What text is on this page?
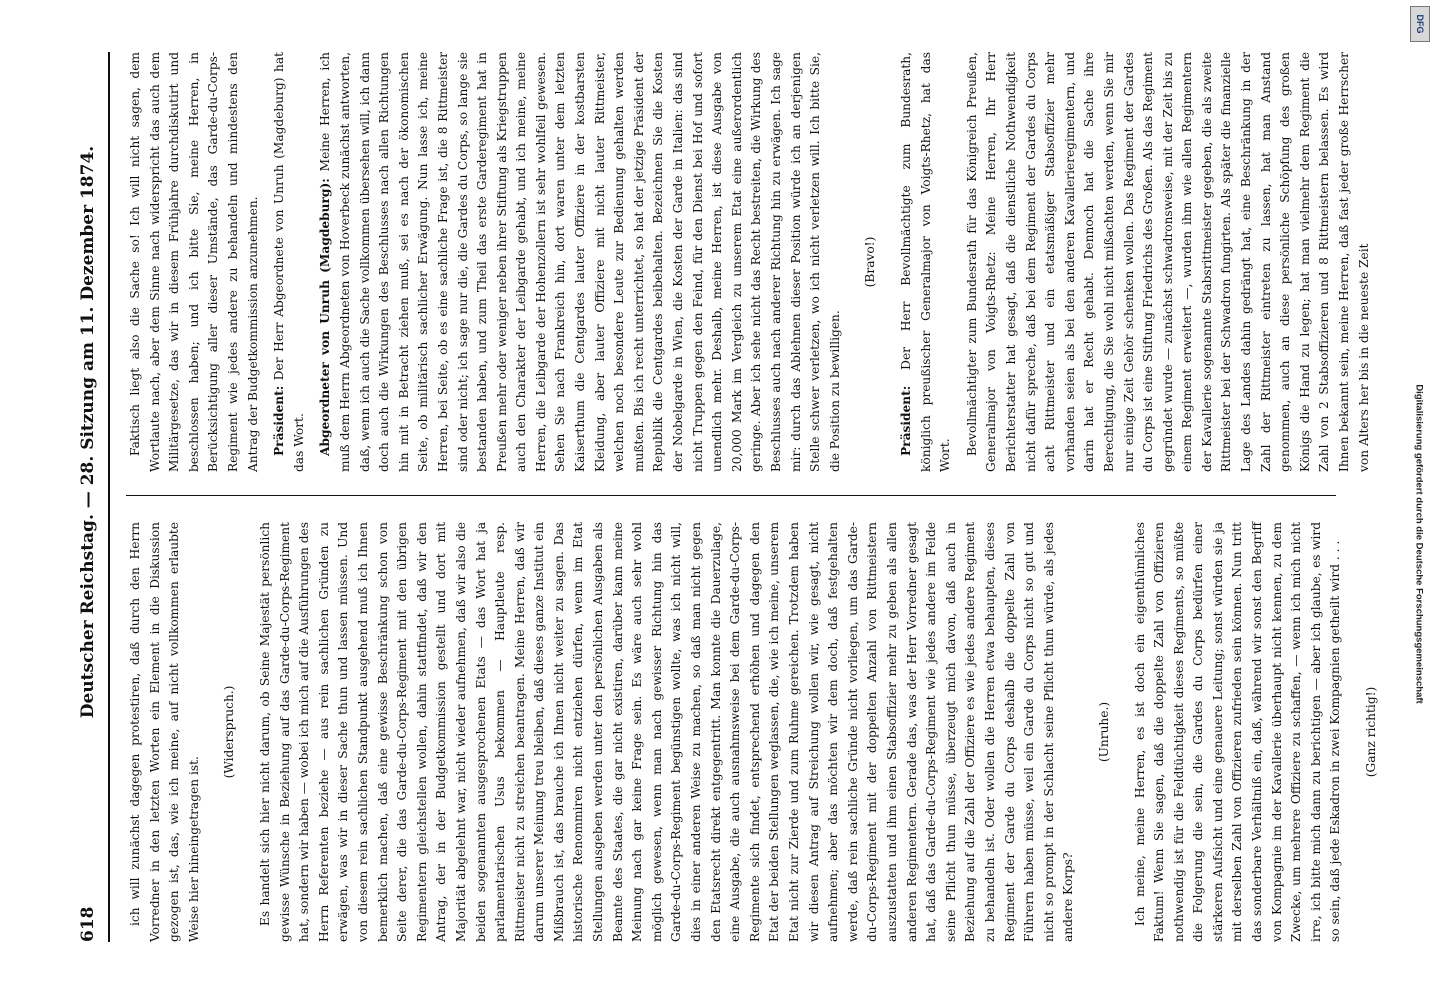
618
Deutscher Reichstag. — 28. Sitzung am 11. Dezember 1874.

ich will zunächst dagegen protestiren, daß durch den Herrn Vorredner in den letzten Worten ein Element in die Diskussion gezogen ist, das, wie ich meine, auf nicht vollkommen erlaubte Weise hier hineingetragen ist.

(Widerspruch.) Es handelt sich hier nicht darum, ob Seine Majestät persönlich gewisse Wünsche in Beziehung auf das Garde-du-Corps-Regiment hat, sondern wir haben — wobei ich mich auf die Ausführungen des Herrn Referenten beziehe — aus rein sachlichen Gründen zu erwägen, was wir in dieser Sache thun und lassen müssen. Und von diesem rein sachlichen Standpunkt ausgehend muß ich Ihnen bemerklich machen, daß eine gewisse Beschränkung schon von Seite derer, die das Garde-du-Corps-Regiment mit den übrigen Regimentern gleichstellen wollen, dahin stattfindet, daß wir den Antrag, der in der Budgetkommission gestellt und dort mit Majorität abgelehnt war, nicht wieder aufnehmen, daß wir also die beiden sogenannten ausgesprochenen Etats — das Wort hat ja parlamentarischen Usus bekommen — Hauptleute resp. Rittmeister nicht zu streichen beantragen. Meine Herren, daß wir darum unserer Meinung treu bleiben, daß dieses ganze Institut ein Mißbrauch ist, das brauche ich Ihnen nicht weiter zu sagen. Das historische Renommiren nicht entziehen dürfen, wenn im Etat Stellungen ausgeben werden unter den persönlichen Ausgaben als Beamte des Staates, die gar nicht existiren, darüber kann meine Meinung nach gar keine Frage sein. Es wäre auch sehr wohl möglich gewesen, wenn man nach gewisser Richtung hin das Garde-du-Corps-Regiment begünstigen wollte, was ich nicht will, dies in einer anderen Weise zu machen, so daß man nicht gegen den Etatsrecht direkt entgegentritt. Man konnte die Dauerzulage, eine Ausgabe, die auch ausnahmsweise bei dem Garde-du-Corps-Regimente sich findet, entsprechend erhöhen und dagegen den Etat der beiden Stellungen weglassen, die, wie ich meine, unserem Etat nicht zur Zierde und zum Ruhme gereichen. Trotzdem haben wir diesen Antrag auf Streichung wollen wir, wie gesagt, nicht aufnehmen; aber das möchten wir dem doch, daß festgehalten werde, daß rein sachliche Gründe nicht vorliegen, um das Garde-du-Corps-Regiment mit der doppelten Anzahl von Rittmeistern auszustatten und ihm einen Stabsoffizier mehr zu geben als allen anderen Regimentern. Gerade das, was der Herr Vorredner gesagt hat, daß das Garde-du-Corps-Regiment wie jedes andere im Felde seine Pflicht thun müsse, überzeugt mich davon, daß auch in Beziehung auf die Zahl der Offiziere es wie jedes andere Regiment zu behandeln ist. Oder wollen die Herren etwa behaupten, dieses Regiment der Garde du Corps deshalb die doppelte Zahl von Führern haben müsse, weil ein Garde du Corps nicht so gut und nicht so prompt in der Schlacht seine Pflicht thun würde, als jedes andere Korps?

(Unruhe.) Ich meine, meine Herren, es ist doch ein eigenthümliches Faktum! Wenn Sie sagen, daß die doppelte Zahl von Offizieren nothwendig ist für die Feldtüchtigkeit dieses Regiments, so müßte die Folgerung die sein, die Gardes du Corps bedürfen einer stärkeren Aufsicht und eine genauere Leitung; sonst würden sie ja mit derselben Zahl von Offizieren zufrieden sein können. Nun tritt das sonderbare Verhältniß ein, daß, während wir sonst den Begriff von Kompagnie im der Kavallerie überhaupt nicht kennen, zu dem Zwecke, um mehrere Offiziere zu schaffen, — wenn ich mich nicht irre, ich bitte mich dann zu berichtigen — aber ich glaube, es wird so sein, daß jede Eskadron in zwei Kompagnien getheilt wird . . . (Ganz richtig!)

Faktisch liegt also die Sache so! Ich will nicht sagen, dem Wortlaute nach, aber dem Sinne nach widerspricht das auch dem Militärgesetze, das wir in diesem Frühjahre durchdiskutirt und beschlossen haben; und ich bitte Sie, meine Herren, in Berücksichtigung aller dieser Umstände, das Garde-du-Corps-Regiment wie jedes andere zu behandeln und mindestens den Antrag der Budgetkommission anzunehmen. Präsident: Der Herr Abgeordnete von Unruh (Magdeburg) hat das Wort. Abgeordneter von Unruh (Magdeburg): Meine Herren, ich muß dem Herrn Abgeordneten von Hoverbeck zunächst antworten, daß, wenn ich auch die Sache vollkommen übersehen will, ich dann doch auch die Wirkungen des Beschlusses nach allen Richtungen hin mit in Betracht ziehen muß, sei es nach der ökonomischen Seite, ob militärisch sachlicher Erwägung. Nun lasse ich, meine Herren, bei Seite, ob es eine sachliche Frage ist, die 8 Rittmeister sind oder nicht; ich sage nur die, die Gardes du Corps, so lange sie bestanden haben, und zum Theil das erste Garderegiment hat in Preußen mehr oder weniger neben ihrer Stiftung als Kriegstruppen auch den Charakter der Leibgarde gehabt, und ich meine, meine Herren, die Leibgarde der Hohenzollern ist sehr wohlfeil gewesen. Sehen Sie nach Frankreich hin, dort waren unter dem letzten Kaiserthum die Centgardes lauter Offiziere in der kostbarsten Kleidung, aber lauter Offiziere mit nicht lauter Rittmeister, welchen noch besondere Leute zur Bedienung gehalten werden mußten. Bis ich recht unterrichtet, so hat der jetzige Präsident der Republik die Centgardes beibehalten. Bezeichnen Sie die Kosten der Nobelgarde in Wien, die Kosten der Garde in Italien: das sind nicht Truppen gegen den Feind, für den Dienst bei Hof und sofort unendlich mehr. Deshalb, meine Herren, ist diese Ausgabe von 20,000 Mark im Vergleich zu unserem Etat eine außerordentlich geringe. Aber ich sehe nicht das Recht bestreiten, die Wirkung des Beschlusses auch nach anderer Richtung hin zu erwägen. Ich sage mir: durch das Ablehnen dieser Position würde ich an derjenigen Stelle schwer verletzen, wo ich nicht verletzen will. Ich bitte Sie, die Position zu bewilligen.

(Bravo!)

Präsident: Der Herr Bevollmächtigte zum Bundesrath, königlich preußischer Generalmajor von Voigts-Rhetz, hat das Wort. Bevollmächtigter zum Bundesrath für das Königreich Preußen, Generalmajor von Voigts-Rhetz: Meine Herren, Ihr Herr Berichterstatter hat gesagt, daß die dienstliche Nothwendigkeit nicht dafür spreche, daß bei dem Regiment der Gardes du Corps acht Rittmeister und ein etatsmäßiger Stabsoffizier mehr vorhanden seien als bei den anderen Kavallerieregimentern, und darin hat er Recht gehabt. Dennoch hat die Sache ihre Berechtigung, die Sie wohl nicht mißachten werden, wenn Sie mir nur einige Zeit Gehör schenken wollen. Das Regiment der Gardes du Corps ist eine Stiftung Friedrichs des Großen. Als das Regiment gegründet wurde — zunächst schwadronsweise, mit der Zeit bis zu einem Regiment erweitert —, wurden ihm wie allen Regimentern der Kavallerie sogenannte Stabsrittmeister gegeben, die als zweite Rittmeister bei der Schwadron fungirten. Als später die finanzielle Lage des Landes dahin gedrängt hat, eine Beschränkung in der Zahl der Rittmeister eintreten zu lassen, hat man Anstand genommen, auch an diese persönliche Schöpfung des großen Königs die Hand zu legen; hat man vielmehr dem Regiment die Zahl von 2 Stabsoffizieren und 8 Rittmeistern belassen. Es wird Ihnen bekannt sein, meine Herren, daß fast jeder große Herrscher von Alters her bis in die neueste Zeit

DFG
Digitalisierung gefördert durch die Deutsche Forschungsgemeinschaft
